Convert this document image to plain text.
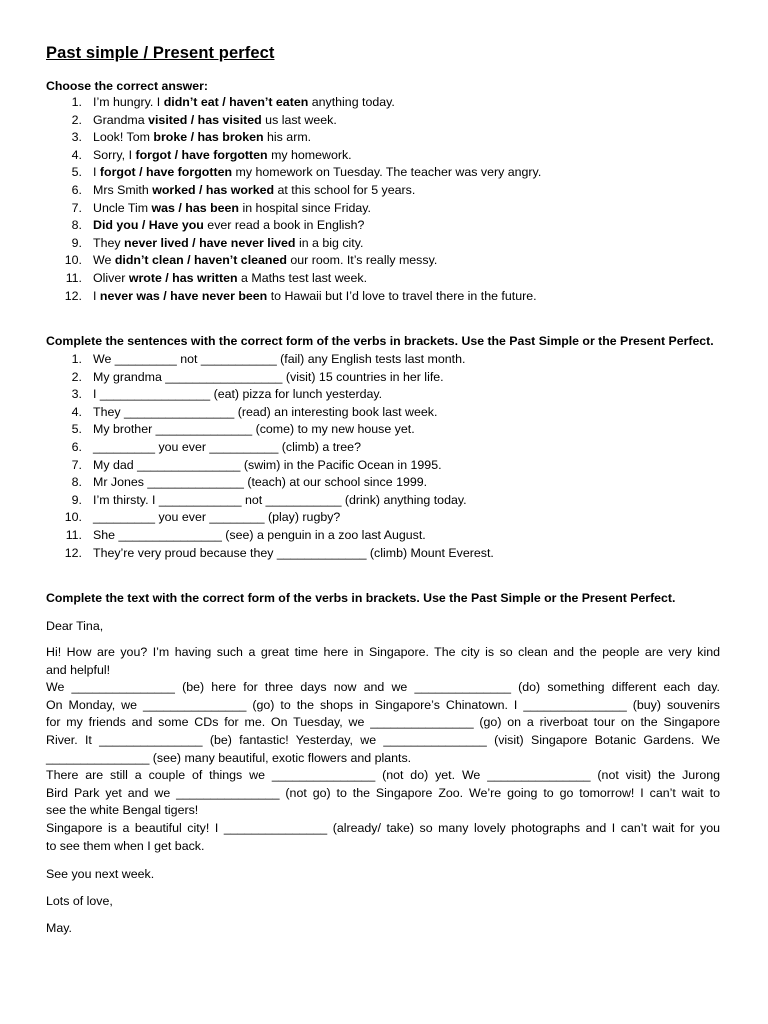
Past simple / Present perfect
Choose the correct answer:
1. I’m hungry. I didn’t eat / haven’t eaten anything today.
2. Grandma visited / has visited us last week.
3. Look! Tom broke / has broken his arm.
4. Sorry, I forgot / have forgotten my homework.
5. I forgot / have forgotten my homework on Tuesday. The teacher was very angry.
6. Mrs Smith worked / has worked at this school for 5 years.
7. Uncle Tim was / has been in hospital since Friday.
8. Did you / Have you ever read a book in English?
9. They never lived / have never lived in a big city.
10. We didn’t clean / haven’t cleaned our room. It’s really messy.
11. Oliver wrote / has written a Maths test last week.
12. I never was / have never been to Hawaii but I’d love to travel there in the future.
Complete the sentences with the correct form of the verbs in brackets. Use the Past Simple or the Present Perfect.
1. We _________ not ___________ (fail) any English tests last month.
2. My grandma _________________ (visit) 15 countries in her life.
3. I ________________ (eat) pizza for lunch yesterday.
4. They ________________ (read) an interesting book last week.
5. My brother ______________ (come) to my new house yet.
6. _________ you ever __________ (climb) a tree?
7. My dad _______________ (swim) in the Pacific Ocean in 1995.
8. Mr Jones ______________ (teach) at our school since 1999.
9. I’m thirsty. I ____________ not ___________ (drink) anything today.
10. _________ you ever ________ (play) rugby?
11. She _______________ (see) a penguin in a zoo last August.
12. They’re very proud because they _____________ (climb) Mount Everest.
Complete the text with the correct form of the verbs in brackets. Use the Past Simple or the Present Perfect.
Dear Tina,
Hi! How are you? I’m having such a great time here in Singapore. The city is so clean and the people are very kind
and helpful!
We _______________ (be) here for three days now and we ______________ (do) something different each day.
On Monday, we _______________ (go) to the shops in Singapore’s Chinatown. I _______________ (buy) souvenirs
for my friends and some CDs for me. On Tuesday, we _______________ (go) on a riverboat tour on the Singapore
River. It _______________ (be) fantastic! Yesterday, we _______________ (visit) Singapore Botanic Gardens. We
_______________ (see) many beautiful, exotic flowers and plants.
There are still a couple of things we _______________ (not do) yet. We _______________ (not visit) the Jurong
Bird Park yet and we _______________ (not go) to the Singapore Zoo. We’re going to go tomorrow! I can’t wait to
see the white Bengal tigers!
Singapore is a beautiful city! I _______________ (already/ take) so many lovely photographs and I can’t wait for you
to see them when I get back.
See you next week.
Lots of love,
May.
